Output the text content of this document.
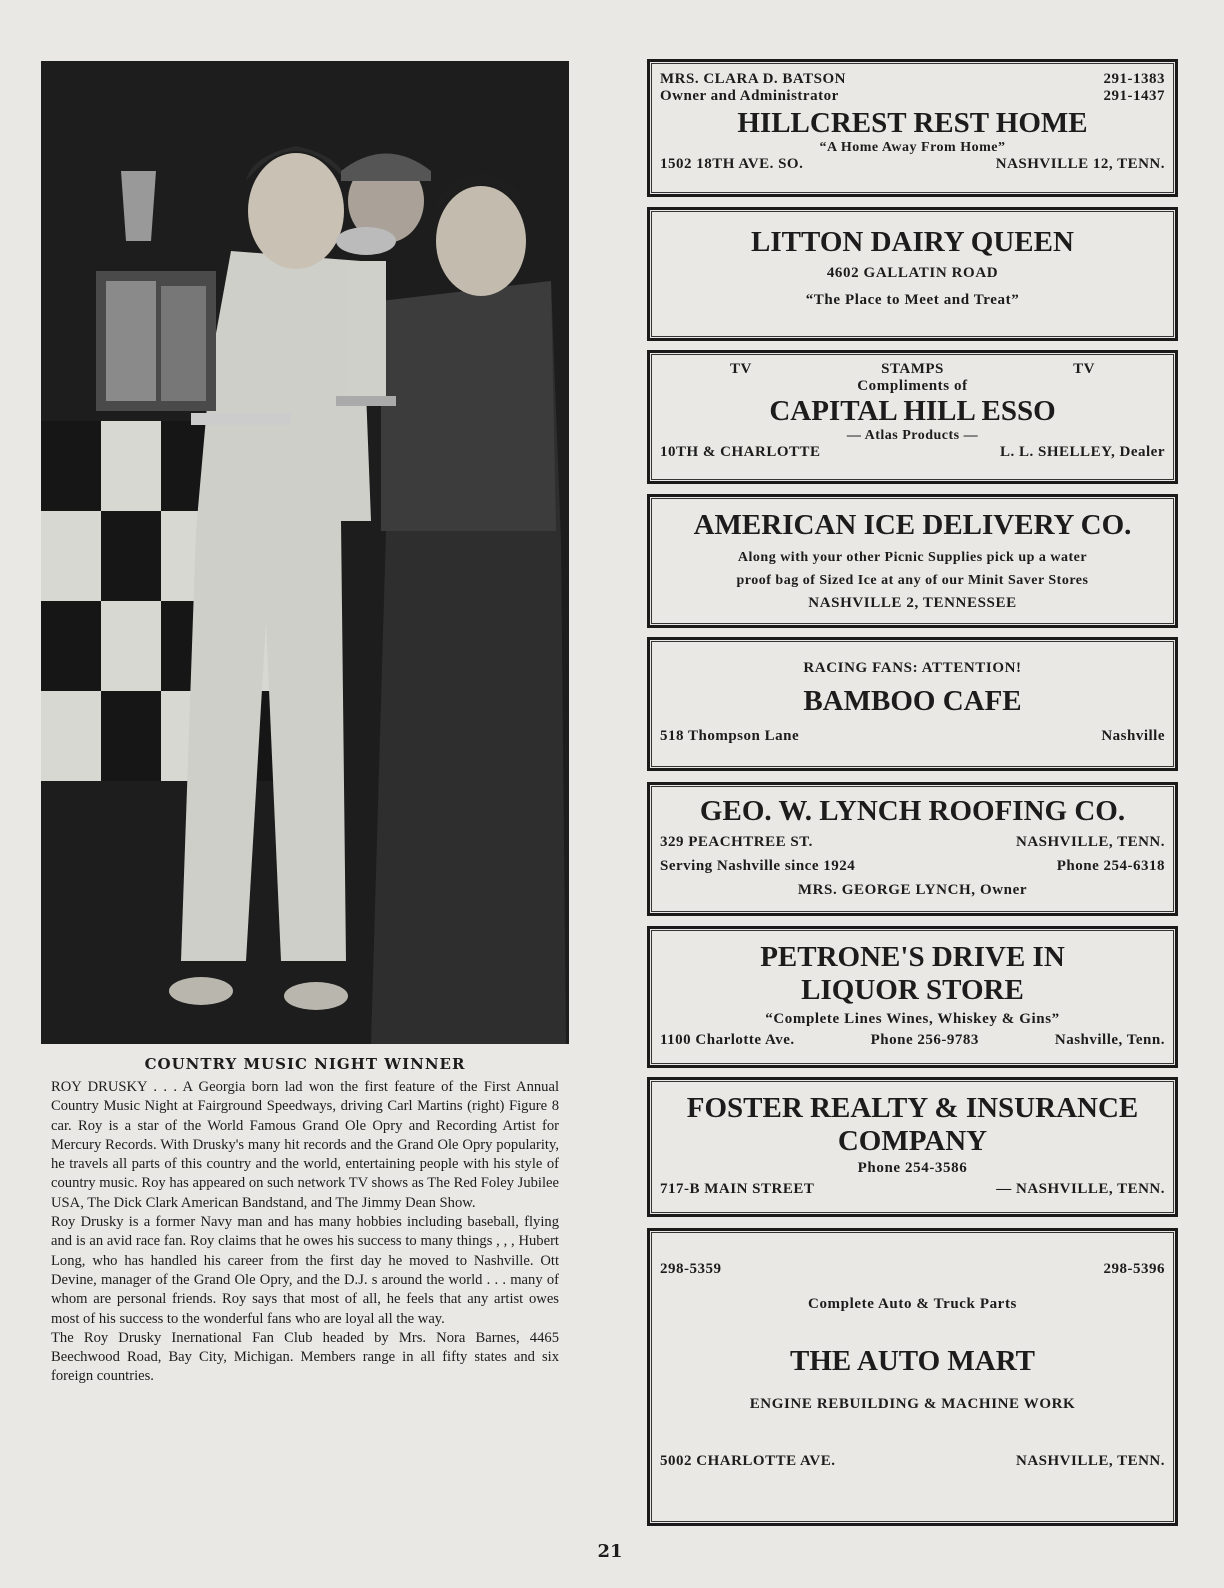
COUNTRY MUSIC NIGHT WINNER

ROY DRUSKY . . . A Georgia born lad won the first feature of the First Annual Country Music Night at Fairground Speedways, driving Carl Martins (right) Figure 8 car. Roy is a star of the World Famous Grand Ole Opry and Recording Artist for Mercury Records. With Drusky's many hit records and the Grand Ole Opry popularity, he travels all parts of this country and the world, entertaining people with his style of country music. Roy has appeared on such network TV shows as The Red Foley Jubilee USA, The Dick Clark American Bandstand, and The Jimmy Dean Show.

Roy Drusky is a former Navy man and has many hobbies including baseball, flying and is an avid race fan. Roy claims that he owes his success to many things , , , Hubert Long, who has handled his career from the first day he moved to Nashville. Ott Devine, manager of the Grand Ole Opry, and the D.J. s around the world . . . many of whom are personal friends. Roy says that most of all, he feels that any artist owes most of his success to the wonderful fans who are loyal all the way.

The Roy Drusky Inernational Fan Club headed by Mrs. Nora Barnes, 4465 Beechwood Road, Bay City, Michigan. Members range in all fifty states and six foreign countries.

21
MRS. CLARA D. BATSON	291-1383
Owner and Administrator	291-1437
HILLCREST REST HOME
“A Home Away From Home”
1502 18TH AVE. SO.	NASHVILLE 12, TENN.
LITTON DAIRY QUEEN
4602 GALLATIN ROAD
“The Place to Meet and Treat”
TV	STAMPS	TV
Compliments of
CAPITAL HILL ESSO
— Atlas Products —
10TH & CHARLOTTE	L. L. SHELLEY, Dealer
AMERICAN ICE DELIVERY CO.
Along with your other Picnic Supplies pick up a water
proof bag of Sized Ice at any of our Minit Saver Stores
NASHVILLE 2, TENNESSEE
RACING FANS: ATTENTION!
BAMBOO CAFE
518 Thompson Lane	Nashville
GEO. W. LYNCH ROOFING CO.
329 PEACHTREE ST.	NASHVILLE, TENN.
Serving Nashville since 1924	Phone 254-6318
MRS. GEORGE LYNCH, Owner
PETRONE'S DRIVE IN
LIQUOR STORE
“Complete Lines Wines, Whiskey & Gins”
1100 Charlotte Ave.	Phone 256-9783	Nashville, Tenn.
FOSTER REALTY & INSURANCE
COMPANY
Phone 254-3586
717-B MAIN STREET	— NASHVILLE, TENN.
298-5359	298-5396
Complete Auto & Truck Parts
THE AUTO MART
ENGINE REBUILDING & MACHINE WORK
5002 CHARLOTTE AVE.	NASHVILLE, TENN.
